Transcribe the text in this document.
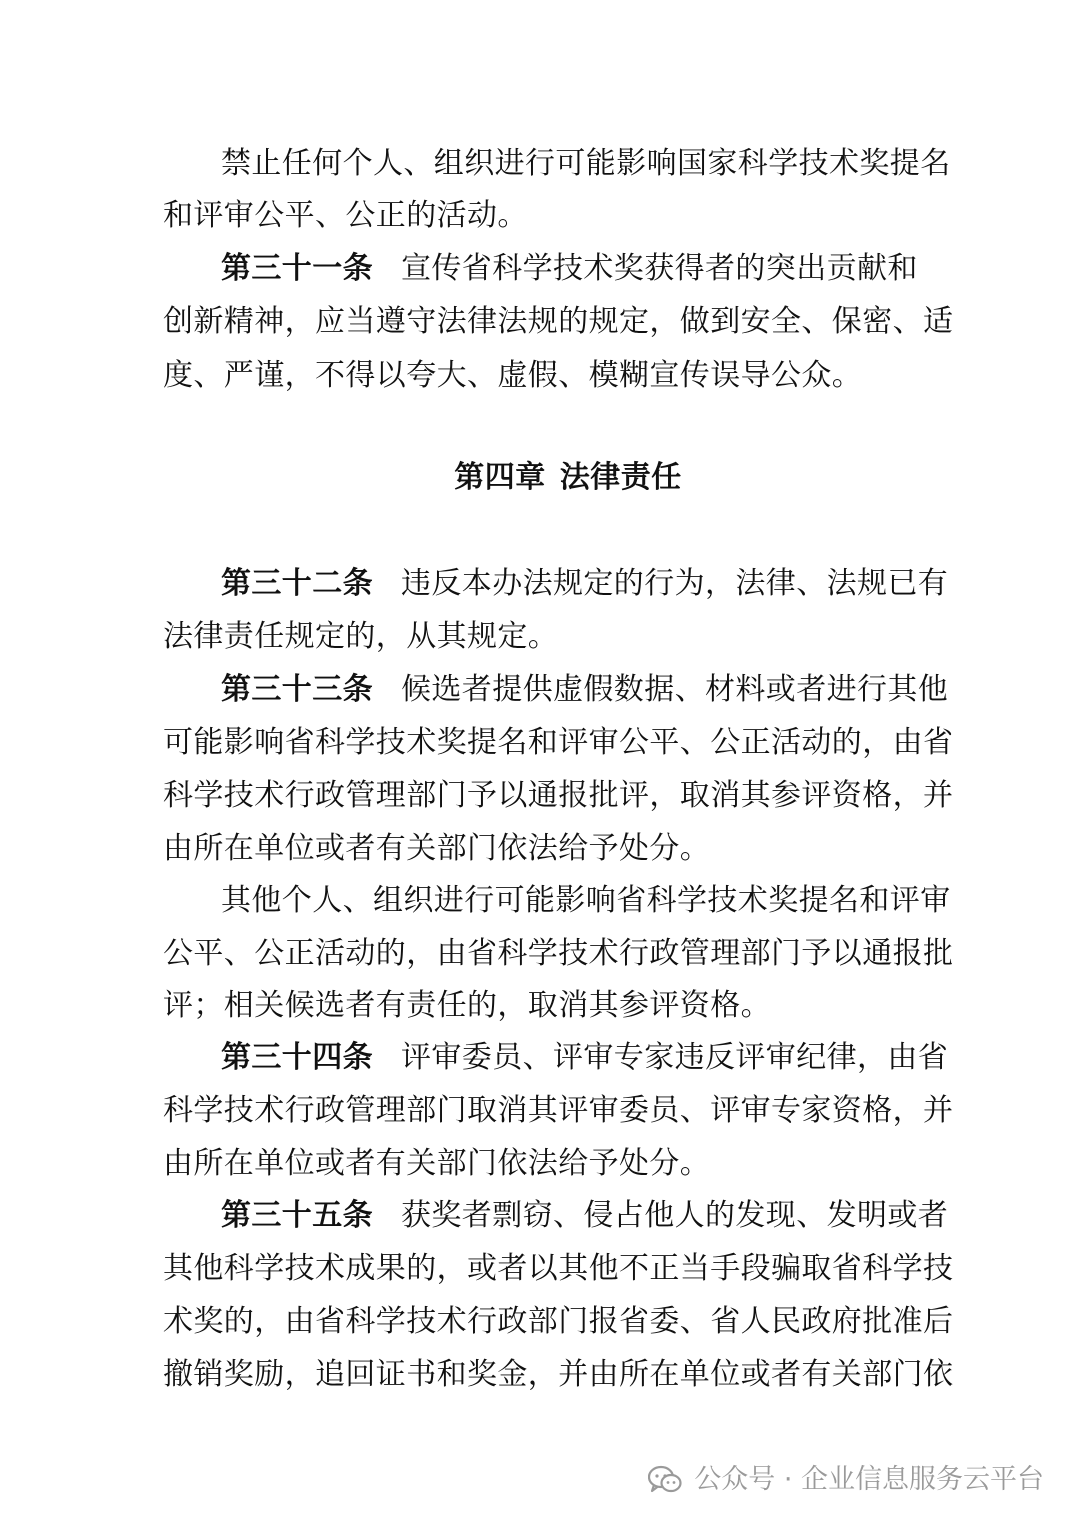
禁止任何个人、组织进行可能影响国家科学技术奖提名
和评审公平、公正的活动。
第三十一条 宣传省科学技术奖获得者的突出贡献和
创新精神，应当遵守法律法规的规定，做到安全、保密、适
度、严谨，不得以夸大、虚假、模糊宣传误导公众。
第四章 法律责任
第三十二条 违反本办法规定的行为，法律、法规已有
法律责任规定的，从其规定。
第三十三条 候选者提供虚假数据、材料或者进行其他
可能影响省科学技术奖提名和评审公平、公正活动的，由省
科学技术行政管理部门予以通报批评，取消其参评资格，并
由所在单位或者有关部门依法给予处分。
其他个人、组织进行可能影响省科学技术奖提名和评审
公平、公正活动的，由省科学技术行政管理部门予以通报批
评；相关候选者有责任的，取消其参评资格。
第三十四条 评审委员、评审专家违反评审纪律，由省
科学技术行政管理部门取消其评审委员、评审专家资格，并
由所在单位或者有关部门依法给予处分。
第三十五条 获奖者剽窃、侵占他人的发现、发明或者
其他科学技术成果的，或者以其他不正当手段骗取省科学技
术奖的，由省科学技术行政部门报省委、省人民政府批准后
撤销奖励，追回证书和奖金，并由所在单位或者有关部门依
公众号 · 企业信息服务云平台
